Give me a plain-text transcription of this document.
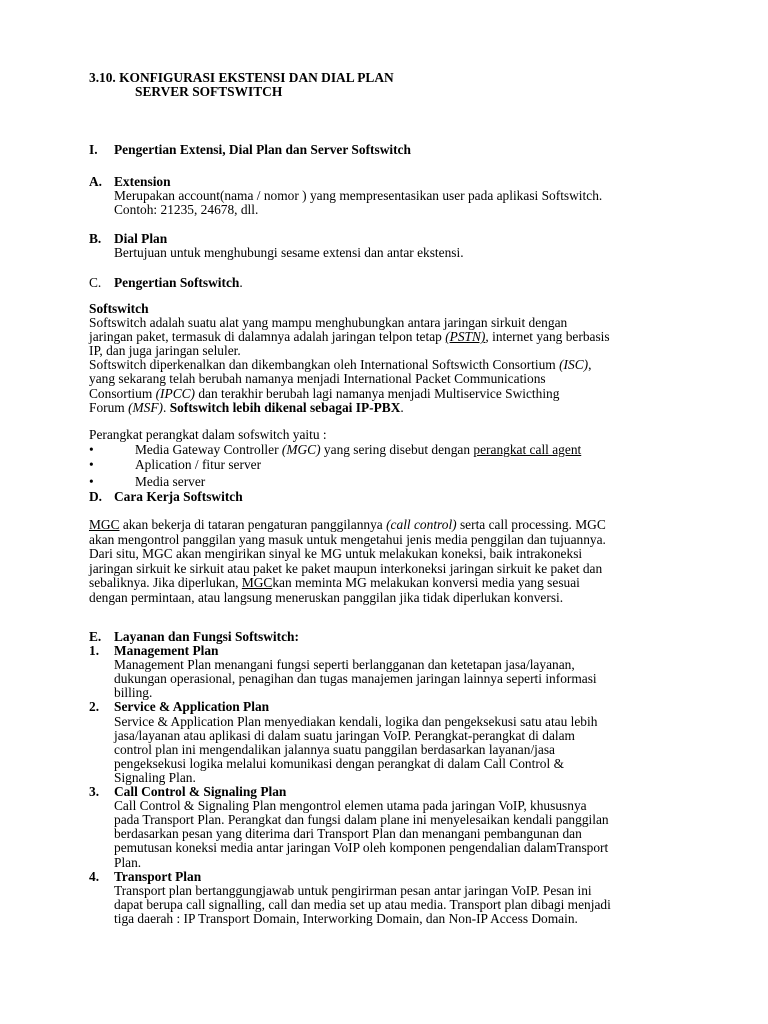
3.10. KONFIGURASI EKSTENSI DAN DIAL PLAN
SERVER SOFTSWITCH
I. Pengertian Extensi, Dial Plan dan Server Softswitch
A. Extension
Merupakan account(nama / nomor ) yang mempresentasikan user pada aplikasi Softswitch.
Contoh: 21235, 24678, dll.
B. Dial Plan
Bertujuan untuk menghubungi sesame extensi dan antar ekstensi.
C. Pengertian Softswitch.
Softswitch
Softswitch adalah suatu alat yang mampu menghubungkan antara jaringan sirkuit dengan
jaringan paket, termasuk di dalamnya adalah jaringan telpon tetap (PSTN), internet yang berbasis
IP, dan juga jaringan seluler.
Softswitch diperkenalkan dan dikembangkan oleh International Softswicth Consortium (ISC),
yang sekarang telah berubah namanya menjadi International Packet Communications
Consortium (IPCC) dan terakhir berubah lagi namanya menjadi Multiservice Swicthing
Forum (MSF). Softswitch lebih dikenal sebagai IP-PBX.
Perangkat perangkat dalam sofswitch yaitu :
•	Media Gateway Controller (MGC) yang sering disebut dengan perangkat call agent
•	Aplication / fitur server
•	Media server
D. Cara Kerja Softswitch
MGC akan bekerja di tataran pengaturan panggilannya (call control) serta call processing. MGC
akan mengontrol panggilan yang masuk untuk mengetahui jenis media penggilan dan tujuannya.
Dari situ, MGC akan mengirikan sinyal ke MG untuk melakukan koneksi, baik intrakoneksi
jaringan sirkuit ke sirkuit atau paket ke paket maupun interkoneksi jaringan sirkuit ke paket dan
sebaliknya. Jika diperlukan, MGCkan meminta MG melakukan konversi media yang sesuai
dengan permintaan, atau langsung meneruskan panggilan jika tidak diperlukan konversi.
E. Layanan dan Fungsi Softswitch:
1. Management Plan
Management Plan menangani fungsi seperti berlangganan dan ketetapan jasa/layanan,
dukungan operasional, penagihan dan tugas manajemen jaringan lainnya seperti informasi
billing.
2. Service & Application Plan
Service & Application Plan menyediakan kendali, logika dan pengeksekusi satu atau lebih
jasa/layanan atau aplikasi di dalam suatu jaringan VoIP. Perangkat-perangkat di dalam
control plan ini mengendalikan jalannya suatu panggilan berdasarkan layanan/jasa
pengeksekusi logika melalui komunikasi dengan perangkat di dalam Call Control &
Signaling Plan.
3. Call Control & Signaling Plan
Call Control & Signaling Plan mengontrol elemen utama pada jaringan VoIP, khususnya
pada Transport Plan. Perangkat dan fungsi dalam plane ini menyelesaikan kendali panggilan
berdasarkan pesan yang diterima dari Transport Plan dan menangani pembangunan dan
pemutusan koneksi media antar jaringan VoIP oleh komponen pengendalian dalamTransport
Plan.
4. Transport Plan
Transport plan bertanggungjawab untuk pengirirman pesan antar jaringan VoIP. Pesan ini
dapat berupa call signalling, call dan media set up atau media. Transport plan dibagi menjadi
tiga daerah : IP Transport Domain, Interworking Domain, dan Non-IP Access Domain.
